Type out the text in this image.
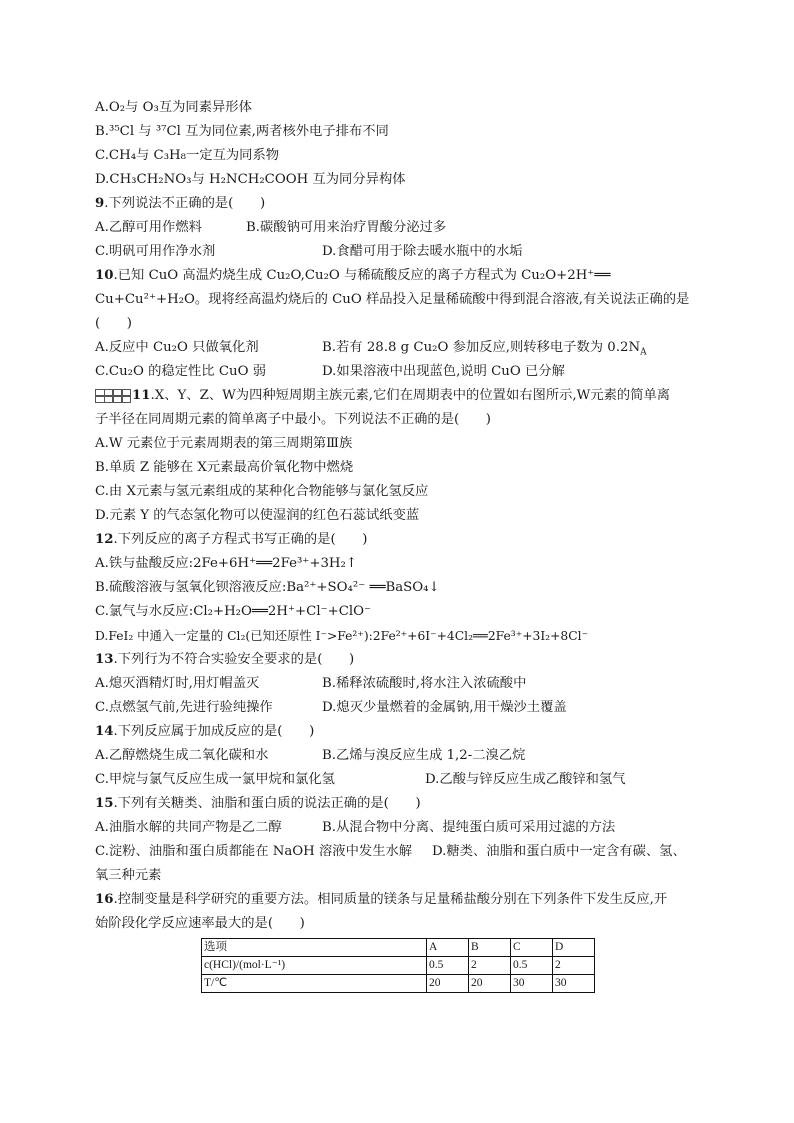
A.O₂与 O₃互为同素异形体
B.³⁵Cl 与 ³⁷Cl 互为同位素,两者核外电子排布不同
C.CH₄与 C₃H₈一定互为同系物
D.CH₃CH₂NO₃与 H₂NCH₂COOH 互为同分异构体
9.下列说法不正确的是(　　)
A.乙醇可用作燃料	B.碳酸钠可用来治疗胃酸分泌过多
C.明矾可用作净水剂	D.食醋可用于除去暖水瓶中的水垢
10.已知 CuO 高温灼烧生成 Cu₂O,Cu₂O 与稀硫酸反应的离子方程式为 Cu₂O+2H⁺══
Cu+Cu²⁺+H₂O。现将经高温灼烧后的 CuO 样品投入足量稀硫酸中得到混合溶液,有关说法正确的是
(　　)
A.反应中 Cu₂O 只做氧化剂	B.若有 28.8 g Cu₂O 参加反应,则转移电子数为 $0.2N_A$
C.Cu₂O 的稳定性比 CuO 弱	D.如果溶液中出现蓝色,说明 CuO 已分解
11.X、Y、Z、W为四种短周期主族元素,它们在周期表中的位置如右图所示,W元素的简单离
子半径在同周期元素的简单离子中最小。下列说法不正确的是(　　)
A.W 元素位于元素周期表的第三周期第Ⅲ族
B.单质 Z 能够在 X元素最高价氧化物中燃烧
C.由 X元素与氢元素组成的某种化合物能够与氯化氢反应
D.元素 Y 的气态氢化物可以使湿润的红色石蕊试纸变蓝
12.下列反应的离子方程式书写正确的是(　　)
A.铁与盐酸反应:2Fe+6H⁺══2Fe³⁺+3H₂↑
B.硫酸溶液与氢氧化钡溶液反应:Ba²⁺+SO₄²⁻ ══BaSO₄↓
C.氯气与水反应:Cl₂+H₂O══2H⁺+Cl⁻+ClO⁻
D.FeI₂ 中通入一定量的 Cl₂(已知还原性 I⁻>Fe²⁺):2Fe²⁺+6I⁻+4Cl₂══2Fe³⁺+3I₂+8Cl⁻
13.下列行为不符合实验安全要求的是(　　)
A.熄灭酒精灯时,用灯帽盖灭	B.稀释浓硫酸时,将水注入浓硫酸中
C.点燃氢气前,先进行验纯操作	D.熄灭少量燃着的金属钠,用干燥沙土覆盖
14.下列反应属于加成反应的是(　　)
A.乙醇燃烧生成二氧化碳和水	B.乙烯与溴反应生成 1,2-二溴乙烷
C.甲烷与氯气反应生成一氯甲烷和氯化氢	D.乙酸与锌反应生成乙酸锌和氢气
15.下列有关糖类、油脂和蛋白质的说法正确的是(　　)
A.油脂水解的共同产物是乙二醇	B.从混合物中分离、提纯蛋白质可采用过滤的方法
C.淀粉、油脂和蛋白质都能在 NaOH 溶液中发生水解 D.糖类、油脂和蛋白质中一定含有碳、氢、
氧三种元素
16.控制变量是科学研究的重要方法。相同质量的镁条与足量稀盐酸分别在下列条件下发生反应,开
始阶段化学反应速率最大的是(　　)
选项	A	B	C	D
c(HCl)/(mol·L⁻¹)	0.5	2	0.5	2
T/℃	20	20	30	30
